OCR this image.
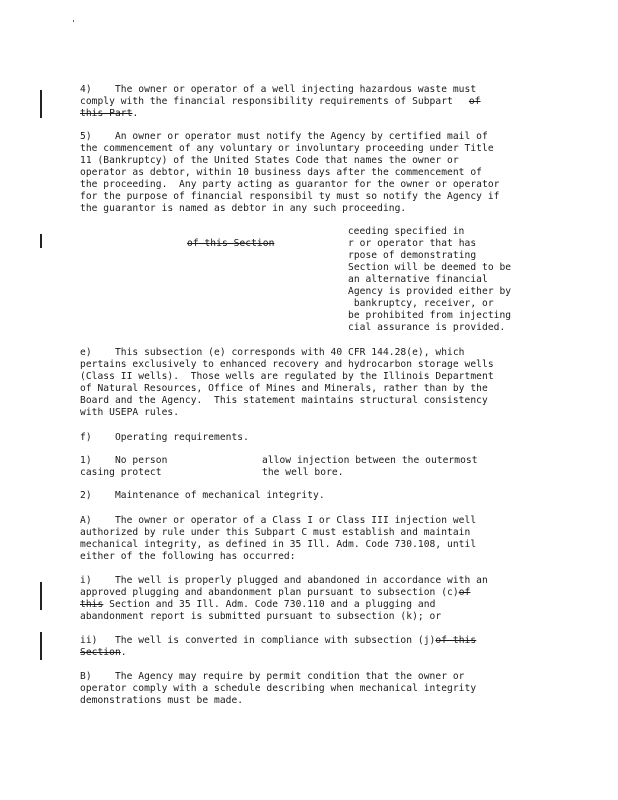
'
4)    The owner or operator of a well injecting hazardous waste must
comply with the financial responsibility requirements of Subpart of
this Part.
5)    An owner or operator must notify the Agency by certified mail of
the commencement of any voluntary or involuntary proceeding under Title
11 (Bankruptcy) of the United States Code that names the owner or
operator as debtor, within 10 business days after the commencement of
the proceeding.  Any party acting as guarantor for the owner or operator
for the purpose of financial responsibil ty must so notify the Agency if
the guarantor is named as debtor in any such proceeding.
of this Section
ceeding specified in
r or operator that has
rpose of demonstrating
Section will be deemed to be
an alternative financial
Agency is provided either by
bankruptcy, receiver, or
be prohibited from injecting
cial assurance is provided.
e)    This subsection (e) corresponds with 40 CFR 144.28(e), which
pertains exclusively to enhanced recovery and hydrocarbon storage wells
(Class II wells).  Those wells are regulated by the Illinois Department
of Natural Resources, Office of Mines and Minerals, rather than by the
Board and the Agency.  This statement maintains structural consistency
with USEPA rules.
f)    Operating requirements.
1)    No person	allow injection between the outermost
casing protect	the well bore.
2)    Maintenance of mechanical integrity.
A)    The owner or operator of a Class I or Class III injection well
authorized by rule under this Subpart C must establish and maintain
mechanical integrity, as defined in 35 Ill. Adm. Code 730.108, until
either of the following has occurred:
i)    The well is properly plugged and abandoned in accordance with an
approved plugging and abandonment plan pursuant to subsection (c)of
this Section and 35 Ill. Adm. Code 730.110 and a plugging and
abandonment report is submitted pursuant to subsection (k); or
ii)   The well is converted in compliance with subsection (j)of this
Section.
B)    The Agency may require by permit condition that the owner or
operator comply with a schedule describing when mechanical integrity
demonstrations must be made.
